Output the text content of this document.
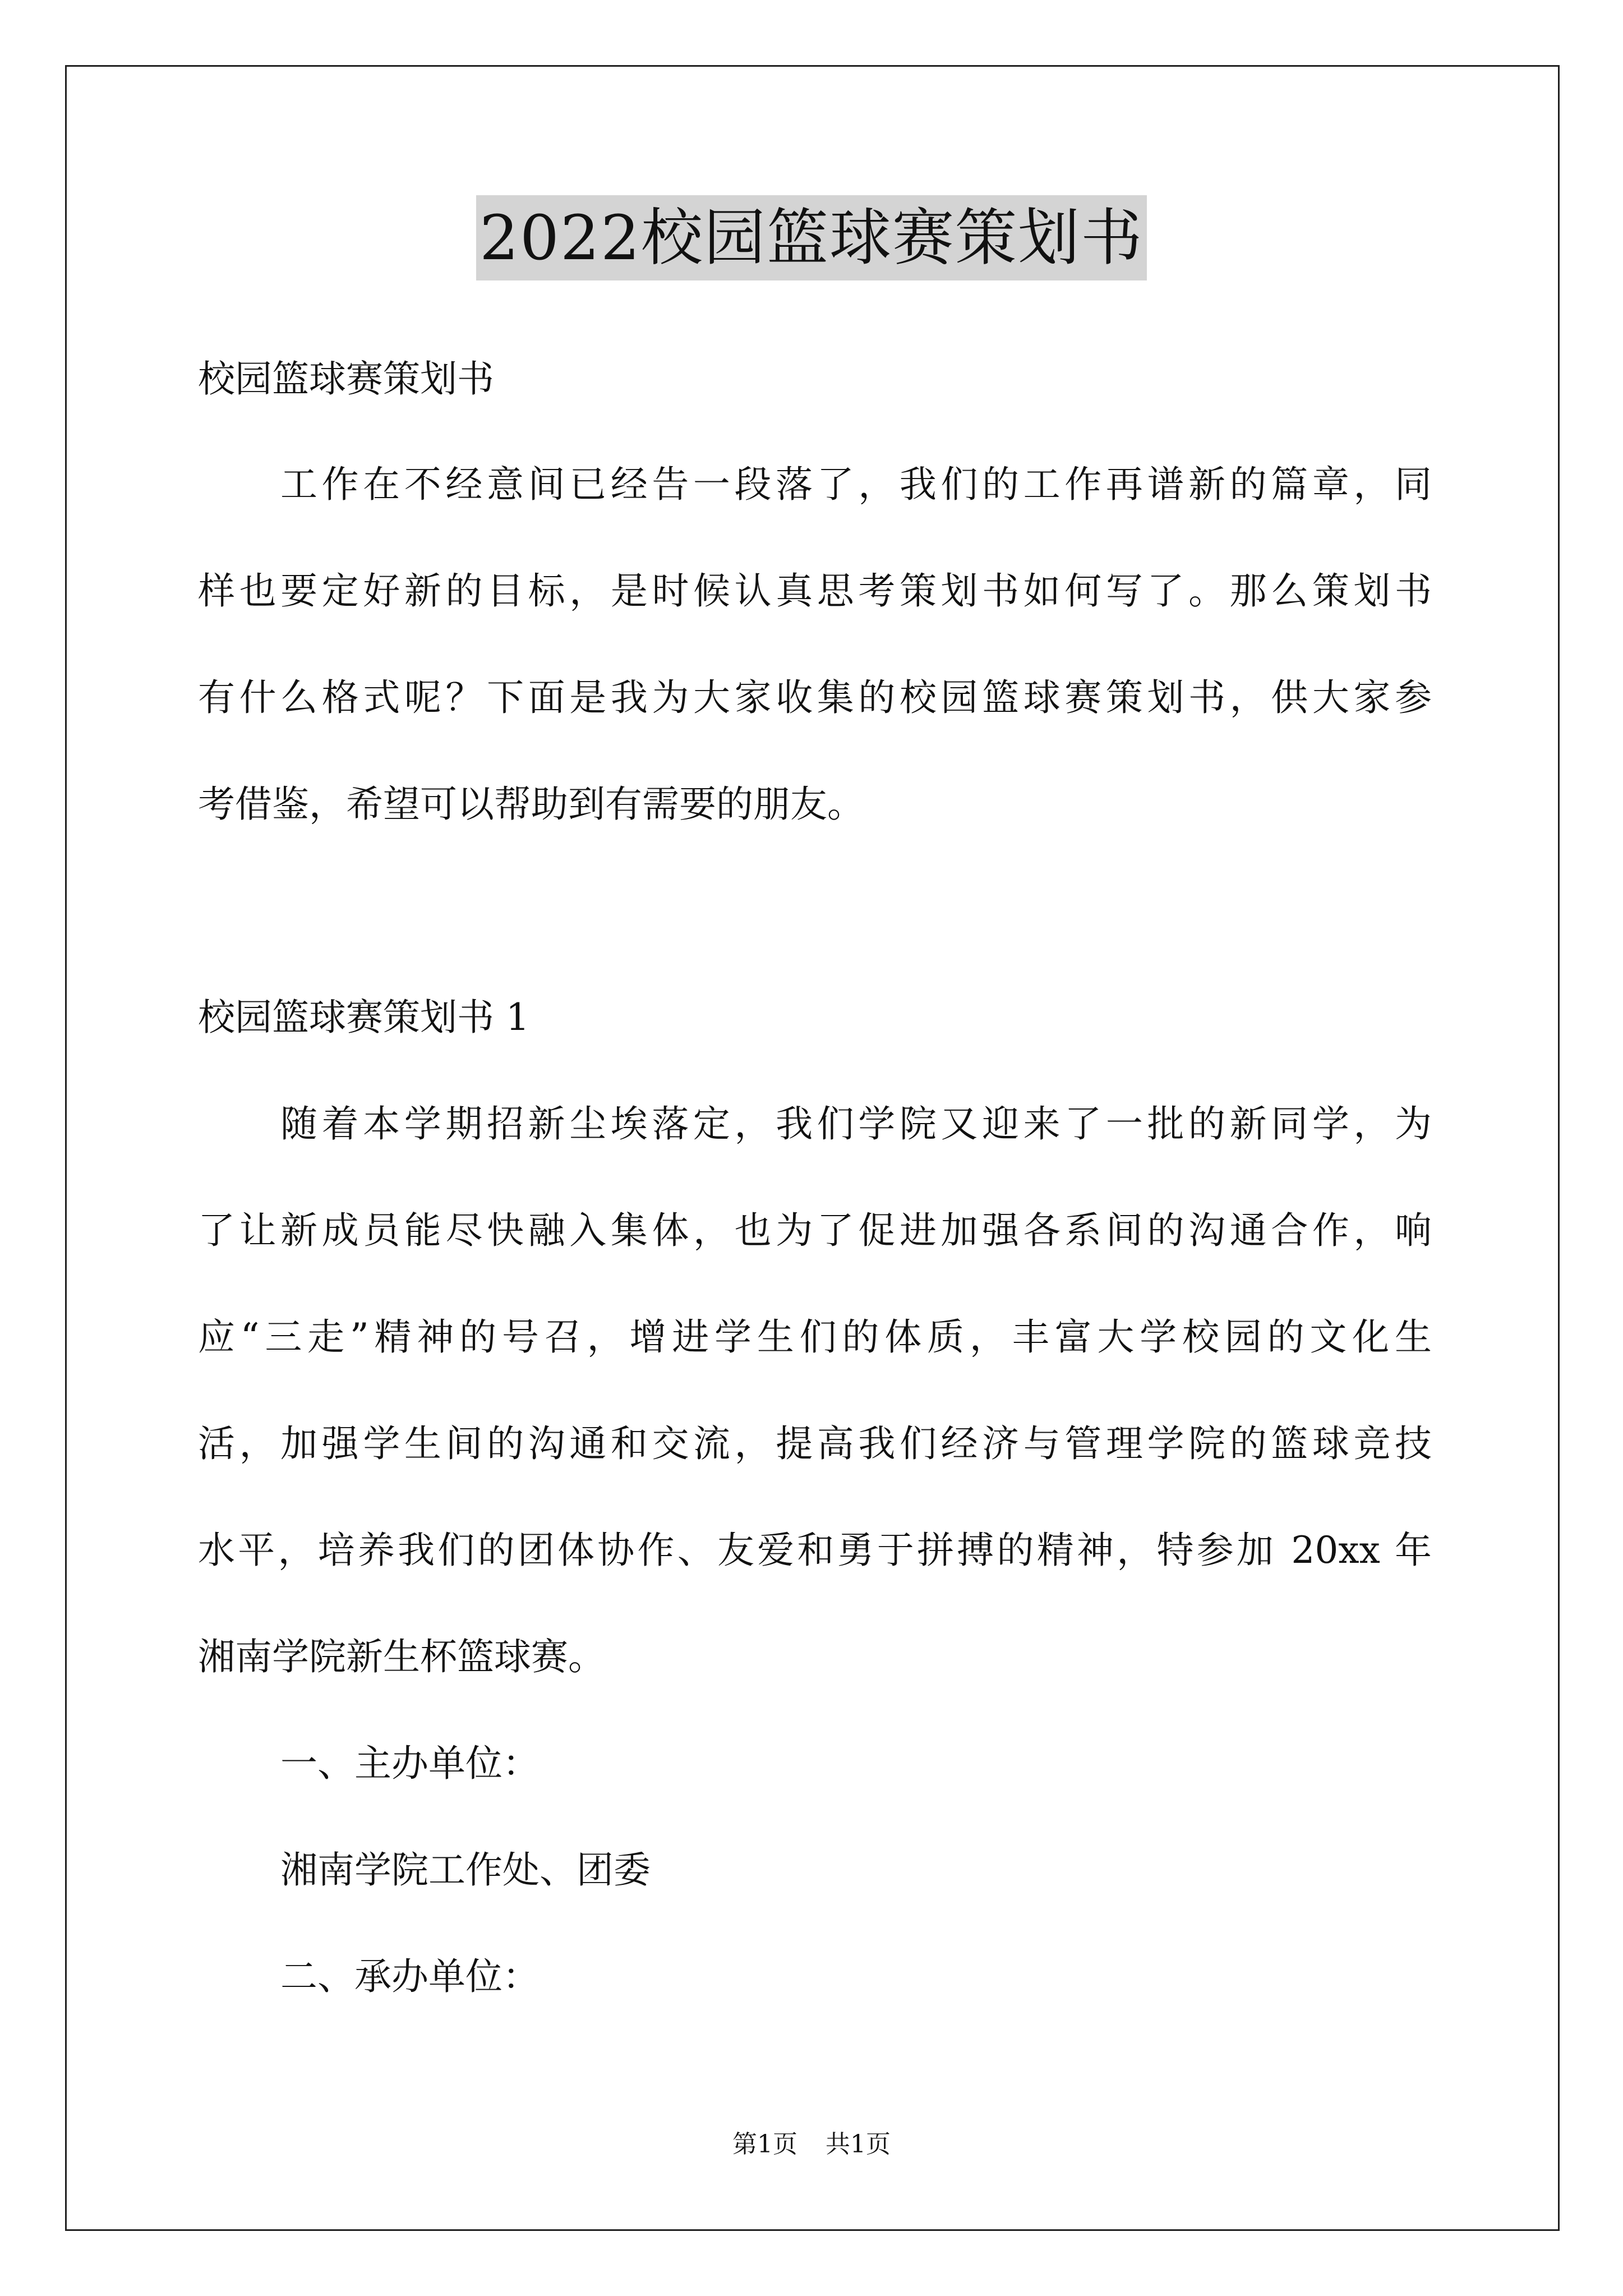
2022校园篮球赛策划书
校园篮球赛策划书
工作在不经意间已经告一段落了，我们的工作再谱新的篇章，同
样也要定好新的目标，是时候认真思考策划书如何写了。那么策划书
有什么格式呢？下面是我为大家收集的校园篮球赛策划书，供大家参
考借鉴，希望可以帮助到有需要的朋友。
校园篮球赛策划书 1
随着本学期招新尘埃落定，我们学院又迎来了一批的新同学，为
了让新成员能尽快融入集体，也为了促进加强各系间的沟通合作，响
应“三走”精神的号召，增进学生们的体质，丰富大学校园的文化生
活，加强学生间的沟通和交流，提高我们经济与管理学院的篮球竞技
水平，培养我们的团体协作、友爱和勇于拼搏的精神，特参加 20xx 年
湘南学院新生杯篮球赛。
一、主办单位：
湘南学院工作处、团委
二、承办单位：
第1页 共1页
